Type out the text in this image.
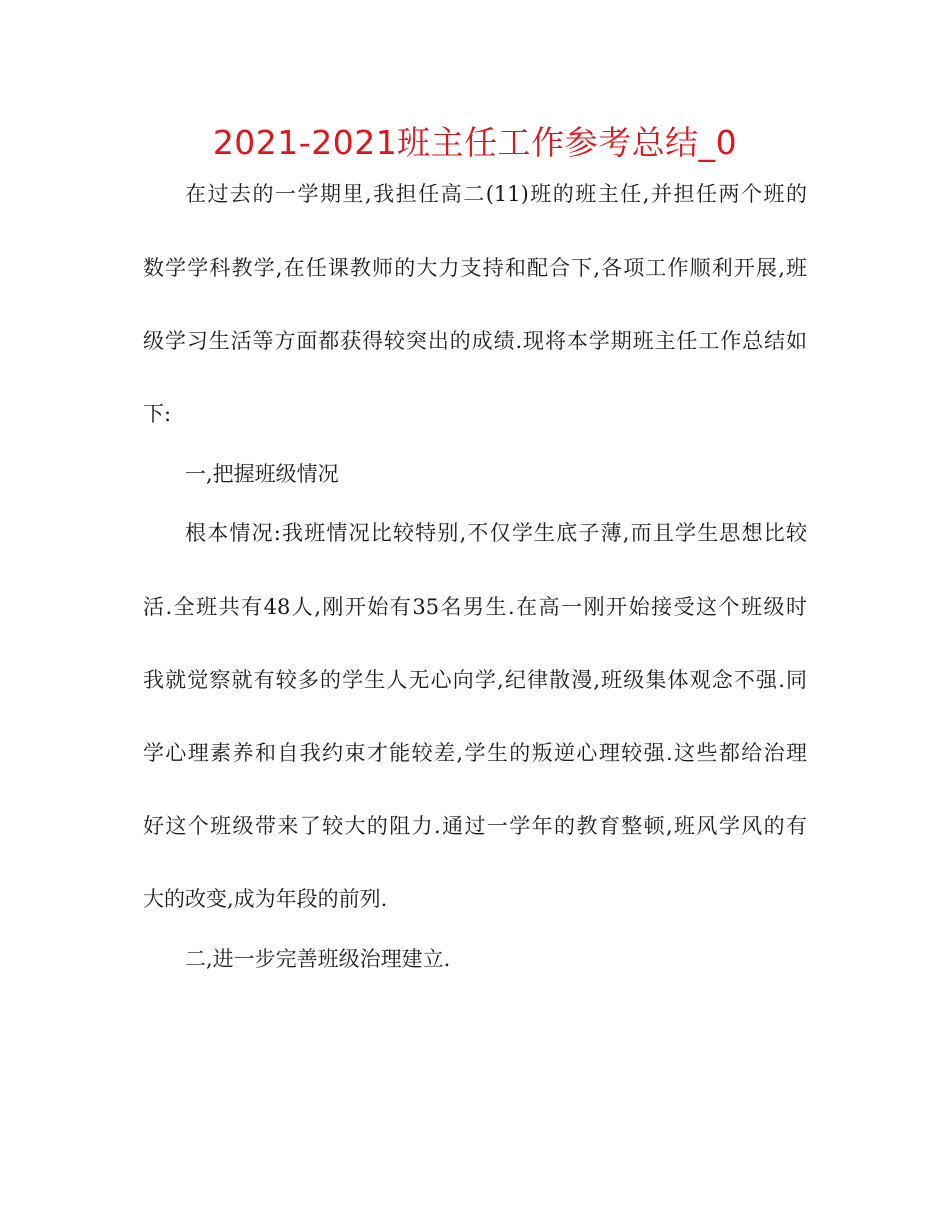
2021-2021班主任工作参考总结_0
在过去的一学期里,我担任高二(11)班的班主任,并担任两个班的
数学学科教学,在任课教师的大力支持和配合下,各项工作顺利开展,班
级学习生活等方面都获得较突出的成绩.现将本学期班主任工作总结如
下:
一,把握班级情况
根本情况:我班情况比较特别,不仅学生底子薄,而且学生思想比较
活.全班共有48人,刚开始有35名男生.在高一刚开始接受这个班级时
我就觉察就有较多的学生人无心向学,纪律散漫,班级集体观念不强.同
学心理素养和自我约束才能较差,学生的叛逆心理较强.这些都给治理
好这个班级带来了较大的阻力.通过一学年的教育整顿,班风学风的有
大的改变,成为年段的前列.
二,进一步完善班级治理建立.
